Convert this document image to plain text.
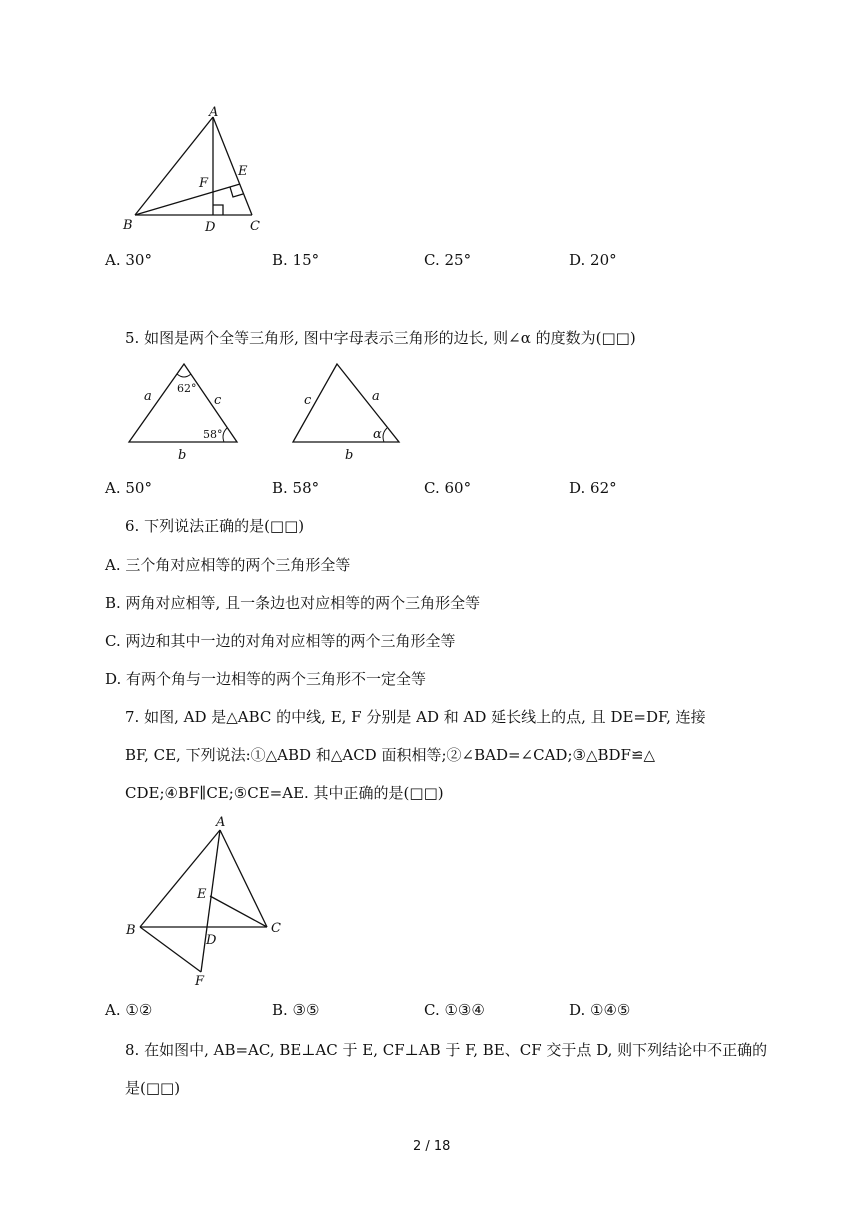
A
B	C
D
E
F
A. 30°	B. 15°	C. 25°	D. 20°
5. 如图是两个全等三角形, 图中字母表示三角形的边长, 则∠α 的度数为(□□)
62°
58°
a	c
b
c	a
α
b
A. 50°	B. 58°	C. 60°	D. 62°
6. 下列说法正确的是(□□)
A. 三个角对应相等的两个三角形全等
B. 两角对应相等, 且一条边也对应相等的两个三角形全等
C. 两边和其中一边的对角对应相等的两个三角形全等
D. 有两个角与一边相等的两个三角形不一定全等
7. 如图, AD 是△ABC 的中线, E, F 分别是 AD 和 AD 延长线上的点, 且 DE=DF, 连接
BF, CE, 下列说法:①△ABD 和△ACD 面积相等;②∠BAD=∠CAD;③△BDF≌△
CDE;④BF∥CE;⑤CE=AE. 其中正确的是(□□)
A
B	C
D
E
F
A. ①②	B. ③⑤	C. ①③④	D. ①④⑤
8. 在如图中, AB=AC, BE⊥AC 于 E, CF⊥AB 于 F, BE、CF 交于点 D, 则下列结论中不正确的
是(□□)
2 / 18
